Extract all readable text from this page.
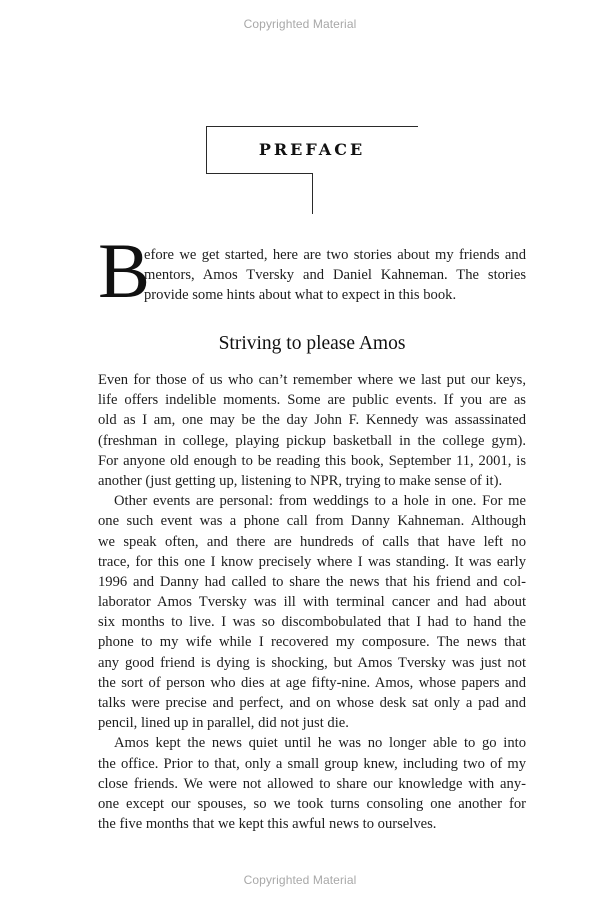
Copyrighted Material
PREFACE
B
efore we get started, here are two stories about my friends and
mentors, Amos Tversky and Daniel Kahneman. The stories
provide some hints about what to expect in this book.
Striving to please Amos
Even for those of us who can’t remember where we last put our keys,
life offers indelible moments. Some are public events. If you are as
old as I am, one may be the day John F. Kennedy was assassinated
(freshman in college, playing pickup basketball in the college gym).
For anyone old enough to be reading this book, September 11, 2001, is
another (just getting up, listening to NPR, trying to make sense of it).
Other events are personal: from weddings to a hole in one. For me
one such event was a phone call from Danny Kahneman. Although
we speak often, and there are hundreds of calls that have left no
trace, for this one I know precisely where I was standing. It was early
1996 and Danny had called to share the news that his friend and col-
laborator Amos Tversky was ill with terminal cancer and had about
six months to live. I was so discombobulated that I had to hand the
phone to my wife while I recovered my composure. The news that
any good friend is dying is shocking, but Amos Tversky was just not
the sort of person who dies at age fifty-nine. Amos, whose papers and
talks were precise and perfect, and on whose desk sat only a pad and
pencil, lined up in parallel, did not just die.
Amos kept the news quiet until he was no longer able to go into
the office. Prior to that, only a small group knew, including two of my
close friends. We were not allowed to share our knowledge with any-
one except our spouses, so we took turns consoling one another for
the five months that we kept this awful news to ourselves.
Copyrighted Material
